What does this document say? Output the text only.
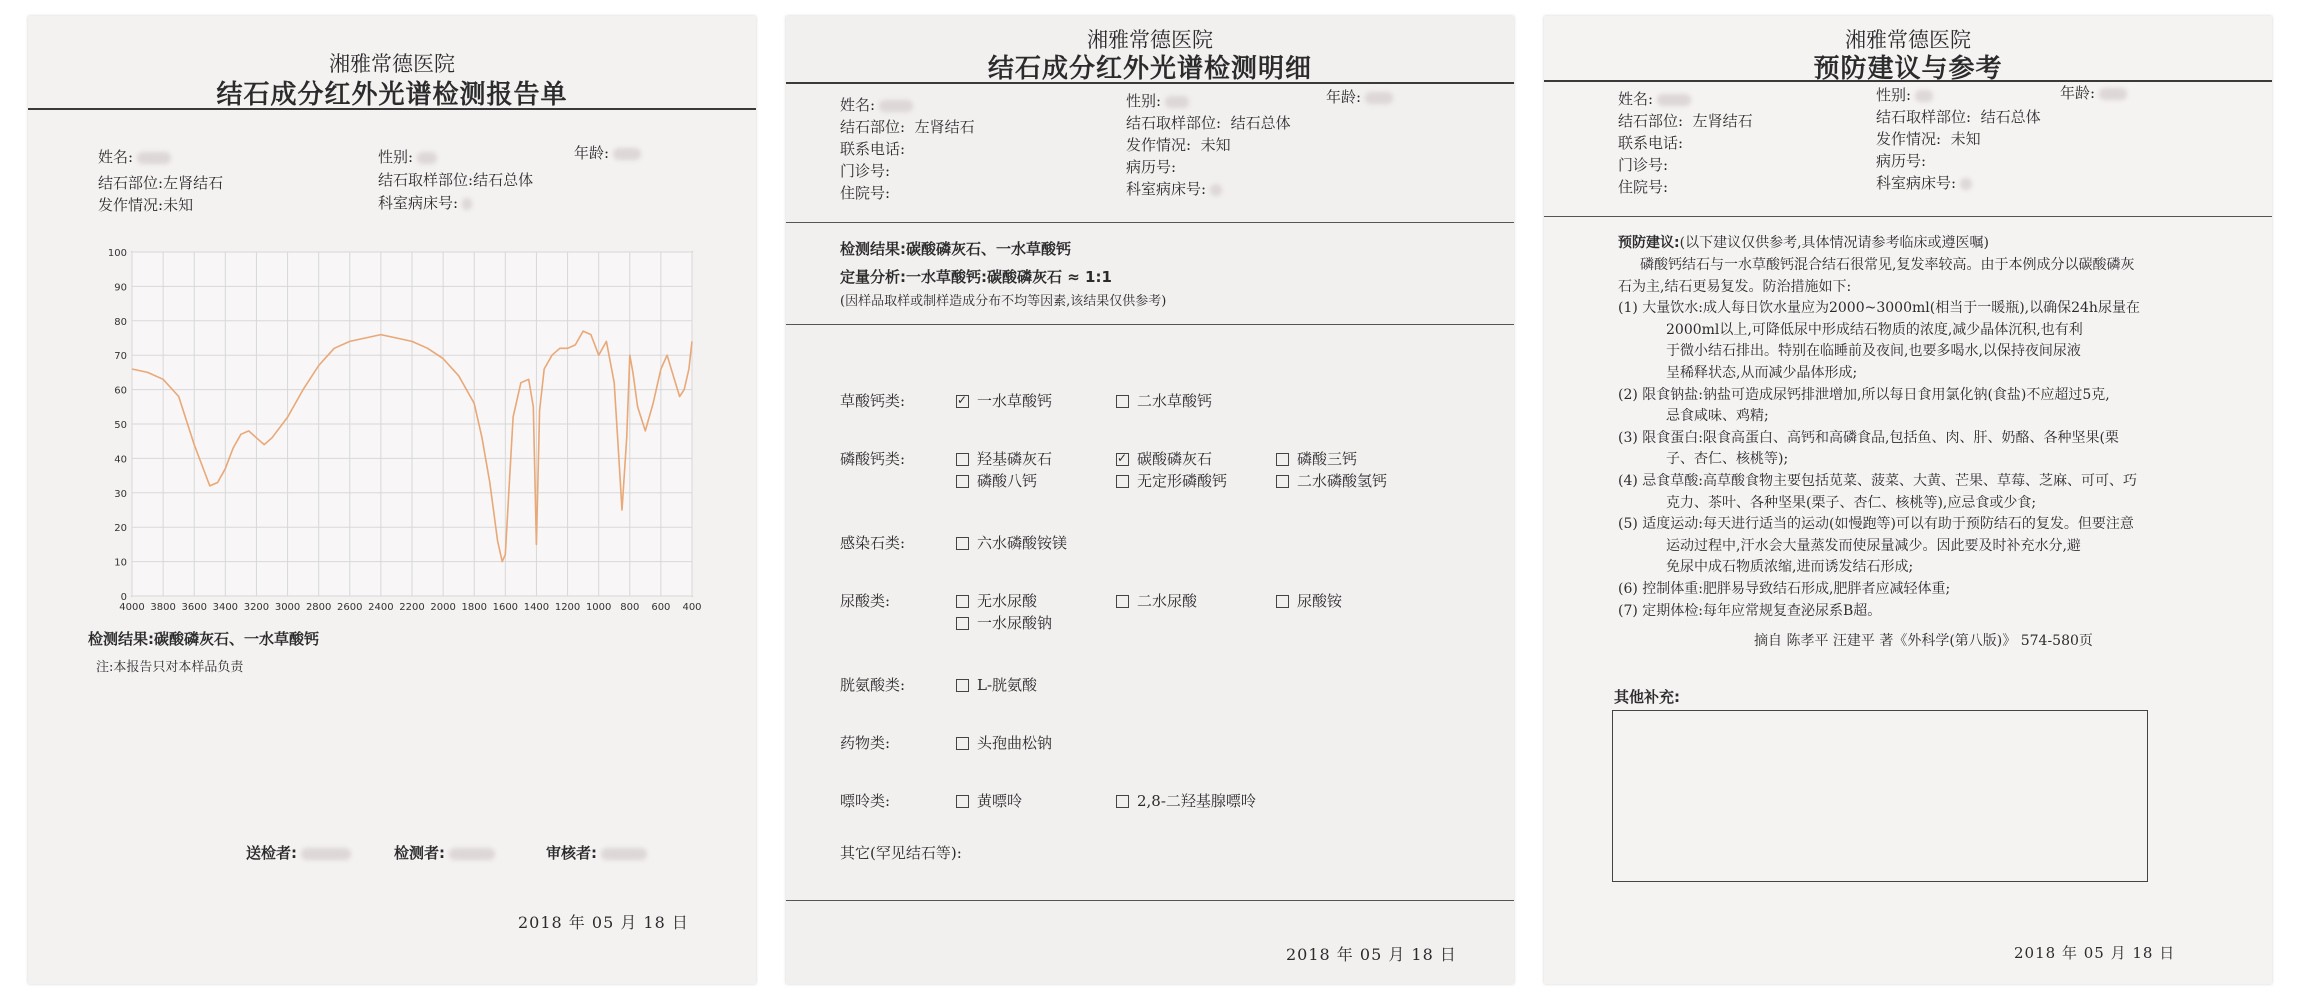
湘雅常德医院
结石成分红外光谱检测报告单
姓名:	性别:	年龄:
结石部位:左肾结石	结石取样部位:结石总体
发作情况:未知	科室病床号:
0
10
20
30
40
50
60
70
80
90
100
4000 3800 3600 3400 3200 3000 2800 2600 2400 2200 2000 1800 1600 1400 1200 1000 800 600 400
检测结果:碳酸磷灰石、一水草酸钙
注:本报告只对本样品负责
送检者:	检测者:	审核者:
2018 年 05 月 18 日
湘雅常德医院
结石成分红外光谱检测明细
姓名:	性别:	年龄:
结石部位: 左肾结石	结石取样部位: 结石总体
联系电话:	发作情况: 未知
门诊号:	病历号:
住院号:	科室病床号:
检测结果:碳酸磷灰石、一水草酸钙
定量分析:一水草酸钙:碳酸磷灰石 ≈ 1:1
(因样品取样或制样造成分布不均等因素,该结果仅供参考)
草酸钙类: ✓	一水草酸钙	二水草酸钙
磷酸钙类:	羟基磷灰石 ✓	碳酸磷灰石	磷酸三钙
磷酸八钙	无定形磷酸钙	二水磷酸氢钙
感染石类:	六水磷酸铵镁
尿酸类:	无水尿酸	二水尿酸	尿酸铵
一水尿酸钠
胱氨酸类:	L-胱氨酸
药物类:	头孢曲松钠
嘌呤类:	黄嘌呤	2,8-二羟基腺嘌呤
其它(罕见结石等):
2018 年 05 月 18 日
湘雅常德医院
预防建议与参考
姓名:	性别:	年龄:
结石部位: 左肾结石	结石取样部位: 结石总体
联系电话:	发作情况: 未知
门诊号:	病历号:
住院号:	科室病床号:
预防建议:(以下建议仅供参考,具体情况请参考临床或遵医嘱)
磷酸钙结石与一水草酸钙混合结石很常见,复发率较高。由于本例成分以碳酸磷灰
石为主,结石更易复发。防治措施如下:
(1) 大量饮水:成人每日饮水量应为2000~3000ml(相当于一暖瓶),以确保24h尿量在
2000ml以上,可降低尿中形成结石物质的浓度,减少晶体沉积,也有利
于微小结石排出。特别在临睡前及夜间,也要多喝水,以保持夜间尿液
呈稀释状态,从而减少晶体形成;
(2) 限食钠盐:钠盐可造成尿钙排泄增加,所以每日食用氯化钠(食盐)不应超过5克,
忌食咸味、鸡精;
(3) 限食蛋白:限食高蛋白、高钙和高磷食品,包括鱼、肉、肝、奶酪、各种坚果(栗
子、杏仁、核桃等);
(4) 忌食草酸:高草酸食物主要包括苋菜、菠菜、大黄、芒果、草莓、芝麻、可可、巧
克力、茶叶、各种坚果(栗子、杏仁、核桃等),应忌食或少食;
(5) 适度运动:每天进行适当的运动(如慢跑等)可以有助于预防结石的复发。但要注意
运动过程中,汗水会大量蒸发而使尿量减少。因此要及时补充水分,避
免尿中成石物质浓缩,进而诱发结石形成;
(6) 控制体重:肥胖易导致结石形成,肥胖者应减轻体重;
(7) 定期体检:每年应常规复查泌尿系B超。
摘自 陈孝平 汪建平 著《外科学(第八版)》 574-580页
其他补充:
2018 年 05 月 18 日
